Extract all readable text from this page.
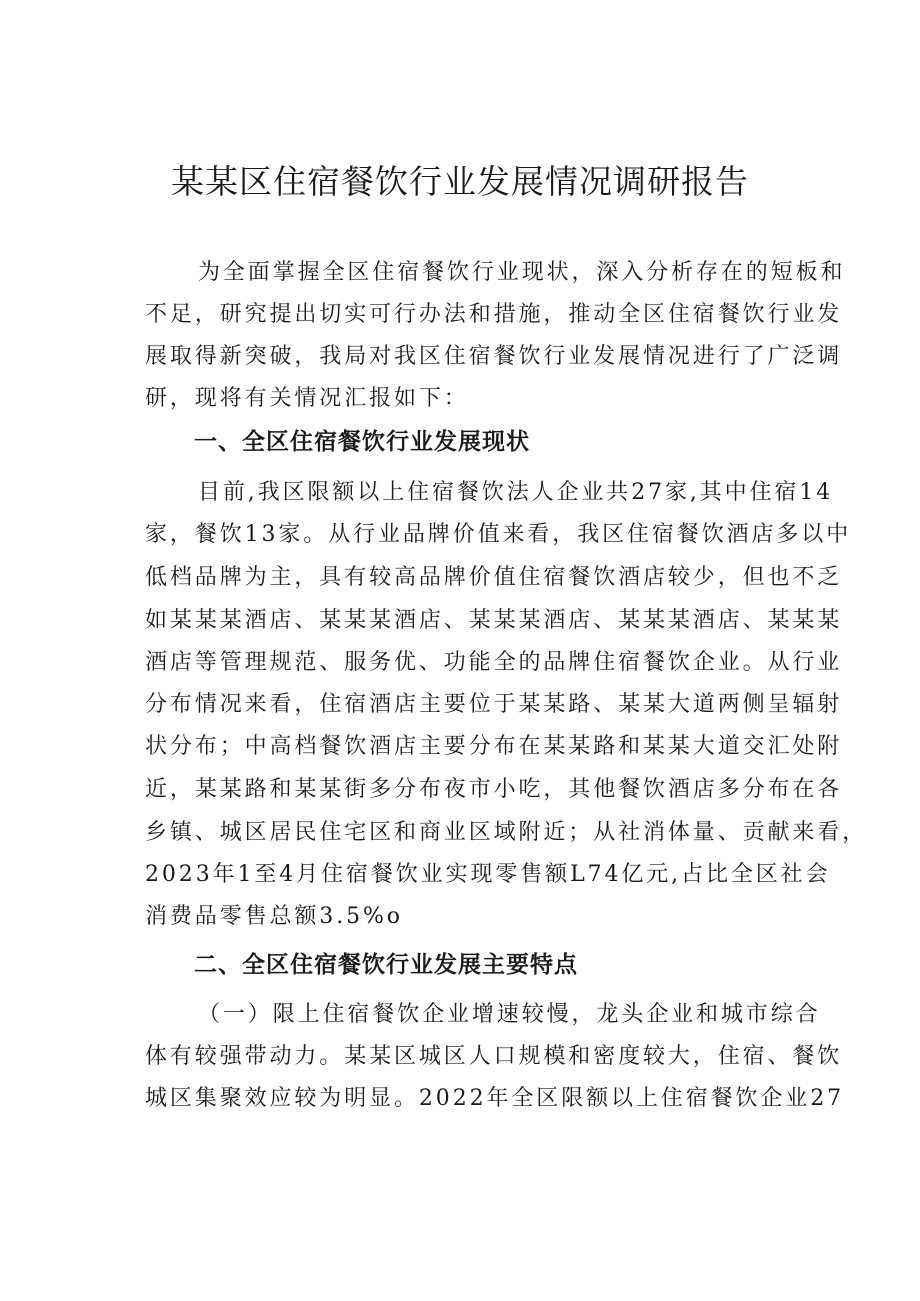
某某区住宿餐饮行业发展情况调研报告
为全面掌握全区住宿餐饮行业现状，深入分析存在的短板和
不足，研究提出切实可行办法和措施，推动全区住宿餐饮行业发
展取得新突破，我局对我区住宿餐饮行业发展情况进行了广泛调
研，现将有关情况汇报如下：
一、全区住宿餐饮行业发展现状
目前,我区限额以上住宿餐饮法人企业共27家,其中住宿14
家，餐饮13家。从行业品牌价值来看，我区住宿餐饮酒店多以中
低档品牌为主，具有较高品牌价值住宿餐饮酒店较少，但也不乏
如某某某酒店、某某某酒店、某某某酒店、某某某酒店、某某某
酒店等管理规范、服务优、功能全的品牌住宿餐饮企业。从行业
分布情况来看，住宿酒店主要位于某某路、某某大道两侧呈辐射
状分布；中高档餐饮酒店主要分布在某某路和某某大道交汇处附
近，某某路和某某街多分布夜市小吃，其他餐饮酒店多分布在各
乡镇、城区居民住宅区和商业区域附近；从社消体量、贡献来看，
2023年1至4月住宿餐饮业实现零售额L74亿元,占比全区社会
消费品零售总额3.5%o
二、全区住宿餐饮行业发展主要特点
（一）限上住宿餐饮企业增速较慢，龙头企业和城市综合
体有较强带动力。某某区城区人口规模和密度较大，住宿、餐饮
城区集聚效应较为明显。2022年全区限额以上住宿餐饮企业27
